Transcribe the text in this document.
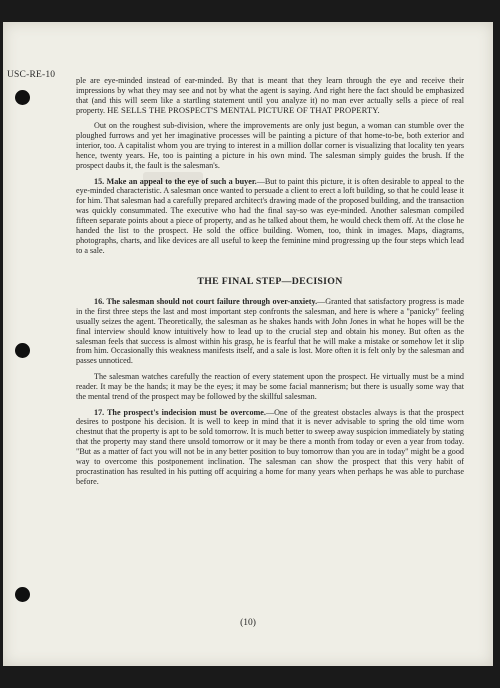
USC-RE-10

ple are eye-minded instead of ear-minded. By that is meant that they learn through the eye and receive their impressions by what they may see and not by what the agent is saying. And right here the fact should be emphasized that (and this will seem like a startling statement until you analyze it) no man ever actually sells a piece of real property. HE SELLS THE PROSPECT'S MENTAL PICTURE OF THAT PROPERTY.

Out on the roughest sub-division, where the improvements are only just begun, a woman can stumble over the ploughed furrows and yet her imaginative processes will be painting a picture of that home-to-be, both exterior and interior, too. A capitalist whom you are trying to interest in a million dollar corner is visualizing that locality ten years hence, twenty years. He, too is painting a picture in his own mind. The salesman simply guides the brush. If the prospect daubs it, the fault is the salesman's.

15. Make an appeal to the eye of such a buyer.—But to paint this picture, it is often desirable to appeal to the eye-minded characteristic. A salesman once wanted to persuade a client to erect a loft building, so that he could lease it for him. That salesman had a carefully prepared architect's drawing made of the proposed building, and the transaction was quickly consummated. The executive who had the final say-so was eye-minded. Another salesman compiled fifteen separate points about a piece of property, and as he talked about them, he would check them off. At the close he handed the list to the prospect. He sold the office building. Women, too, think in images. Maps, diagrams, photographs, charts, and like devices are all useful to keep the feminine mind progressing up the four steps which lead to a sale.

THE FINAL STEP—DECISION

16. The salesman should not court failure through over-anxiety.—Granted that satisfactory progress is made in the first three steps the last and most important step confronts the salesman, and here is where a "panicky" feeling usually seizes the agent. Theoretically, the salesman as he shakes hands with John Jones in what he hopes will be the final interview should know intuitively how to lead up to the crucial step and obtain his money. But often as the salesman feels that success is almost within his grasp, he is fearful that he will make a mistake or somehow let it slip from him. Occasionally this weakness manifests itself, and a sale is lost. More often it is felt only by the salesman and passes unnoticed.

The salesman watches carefully the reaction of every statement upon the prospect. He virtually must be a mind reader. It may be the hands; it may be the eyes; it may be some facial mannerism; but there is usually some way that the mental trend of the prospect may be followed by the skillful salesman.

17. The prospect's indecision must be overcome.—One of the greatest obstacles always is that the prospect desires to postpone his decision. It is well to keep in mind that it is never advisable to spring the old time worn chestnut that the property is apt to be sold tomorrow. It is much better to sweep away suspicion immediately by stating that the property may stand there unsold tomorrow or it may be there a month from today or even a year from today. "But as a matter of fact you will not be in any better position to buy tomorrow than you are in today" might be a good way to overcome this postponement inclination. The salesman can show the prospect that this very habit of procrastination has resulted in his putting off acquiring a home for many years when perhaps he was able to purchase before.

(10)
